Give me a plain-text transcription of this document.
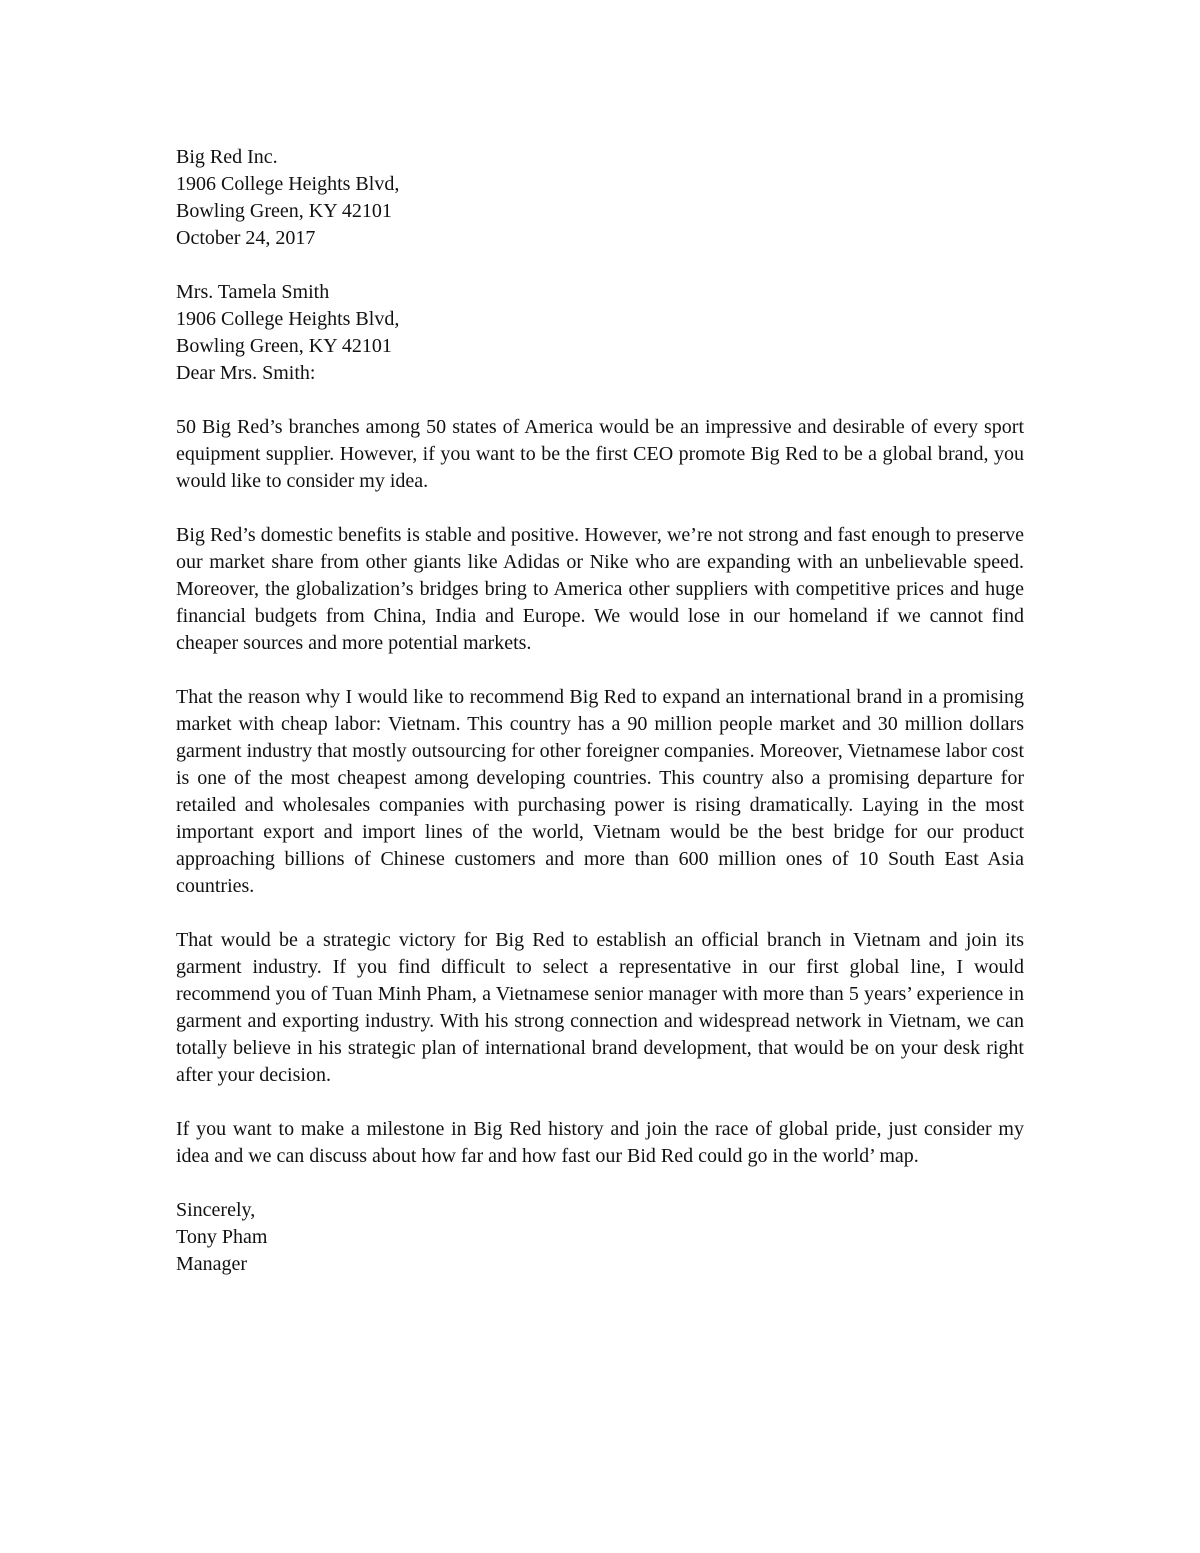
Big Red Inc.
1906 College Heights Blvd,
Bowling Green, KY 42101
October 24, 2017
Mrs. Tamela Smith
1906 College Heights Blvd,
Bowling Green, KY 42101
Dear Mrs. Smith:

50 Big Red’s branches among 50 states of America would be an impressive and desirable of every sport equipment supplier. However, if you want to be the first CEO promote Big Red to be a global brand, you would like to consider my idea.

Big Red’s domestic benefits is stable and positive. However, we’re not strong and fast enough to preserve our market share from other giants like Adidas or Nike who are expanding with an unbelievable speed. Moreover, the globalization’s bridges bring to America other suppliers with competitive prices and huge financial budgets from China, India and Europe. We would lose in our homeland if we cannot find cheaper sources and more potential markets.

That the reason why I would like to recommend Big Red to expand an international brand in a promising market with cheap labor: Vietnam. This country has a 90 million people market and 30 million dollars garment industry that mostly outsourcing for other foreigner companies. Moreover, Vietnamese labor cost is one of the most cheapest among developing countries. This country also a promising departure for retailed and wholesales companies with purchasing power is rising dramatically. Laying in the most important export and import lines of the world, Vietnam would be the best bridge for our product approaching billions of Chinese customers and more than 600 million ones of 10 South East Asia countries.

That would be a strategic victory for Big Red to establish an official branch in Vietnam and join its garment industry. If you find difficult to select a representative in our first global line, I would recommend you of Tuan Minh Pham, a Vietnamese senior manager with more than 5 years’ experience in garment and exporting industry. With his strong connection and widespread network in Vietnam, we can totally believe in his strategic plan of international brand development, that would be on your desk right after your decision.

If you want to make a milestone in Big Red history and join the race of global pride, just consider my idea and we can discuss about how far and how fast our Bid Red could go in the world’ map.

Sincerely,
Tony Pham
Manager
